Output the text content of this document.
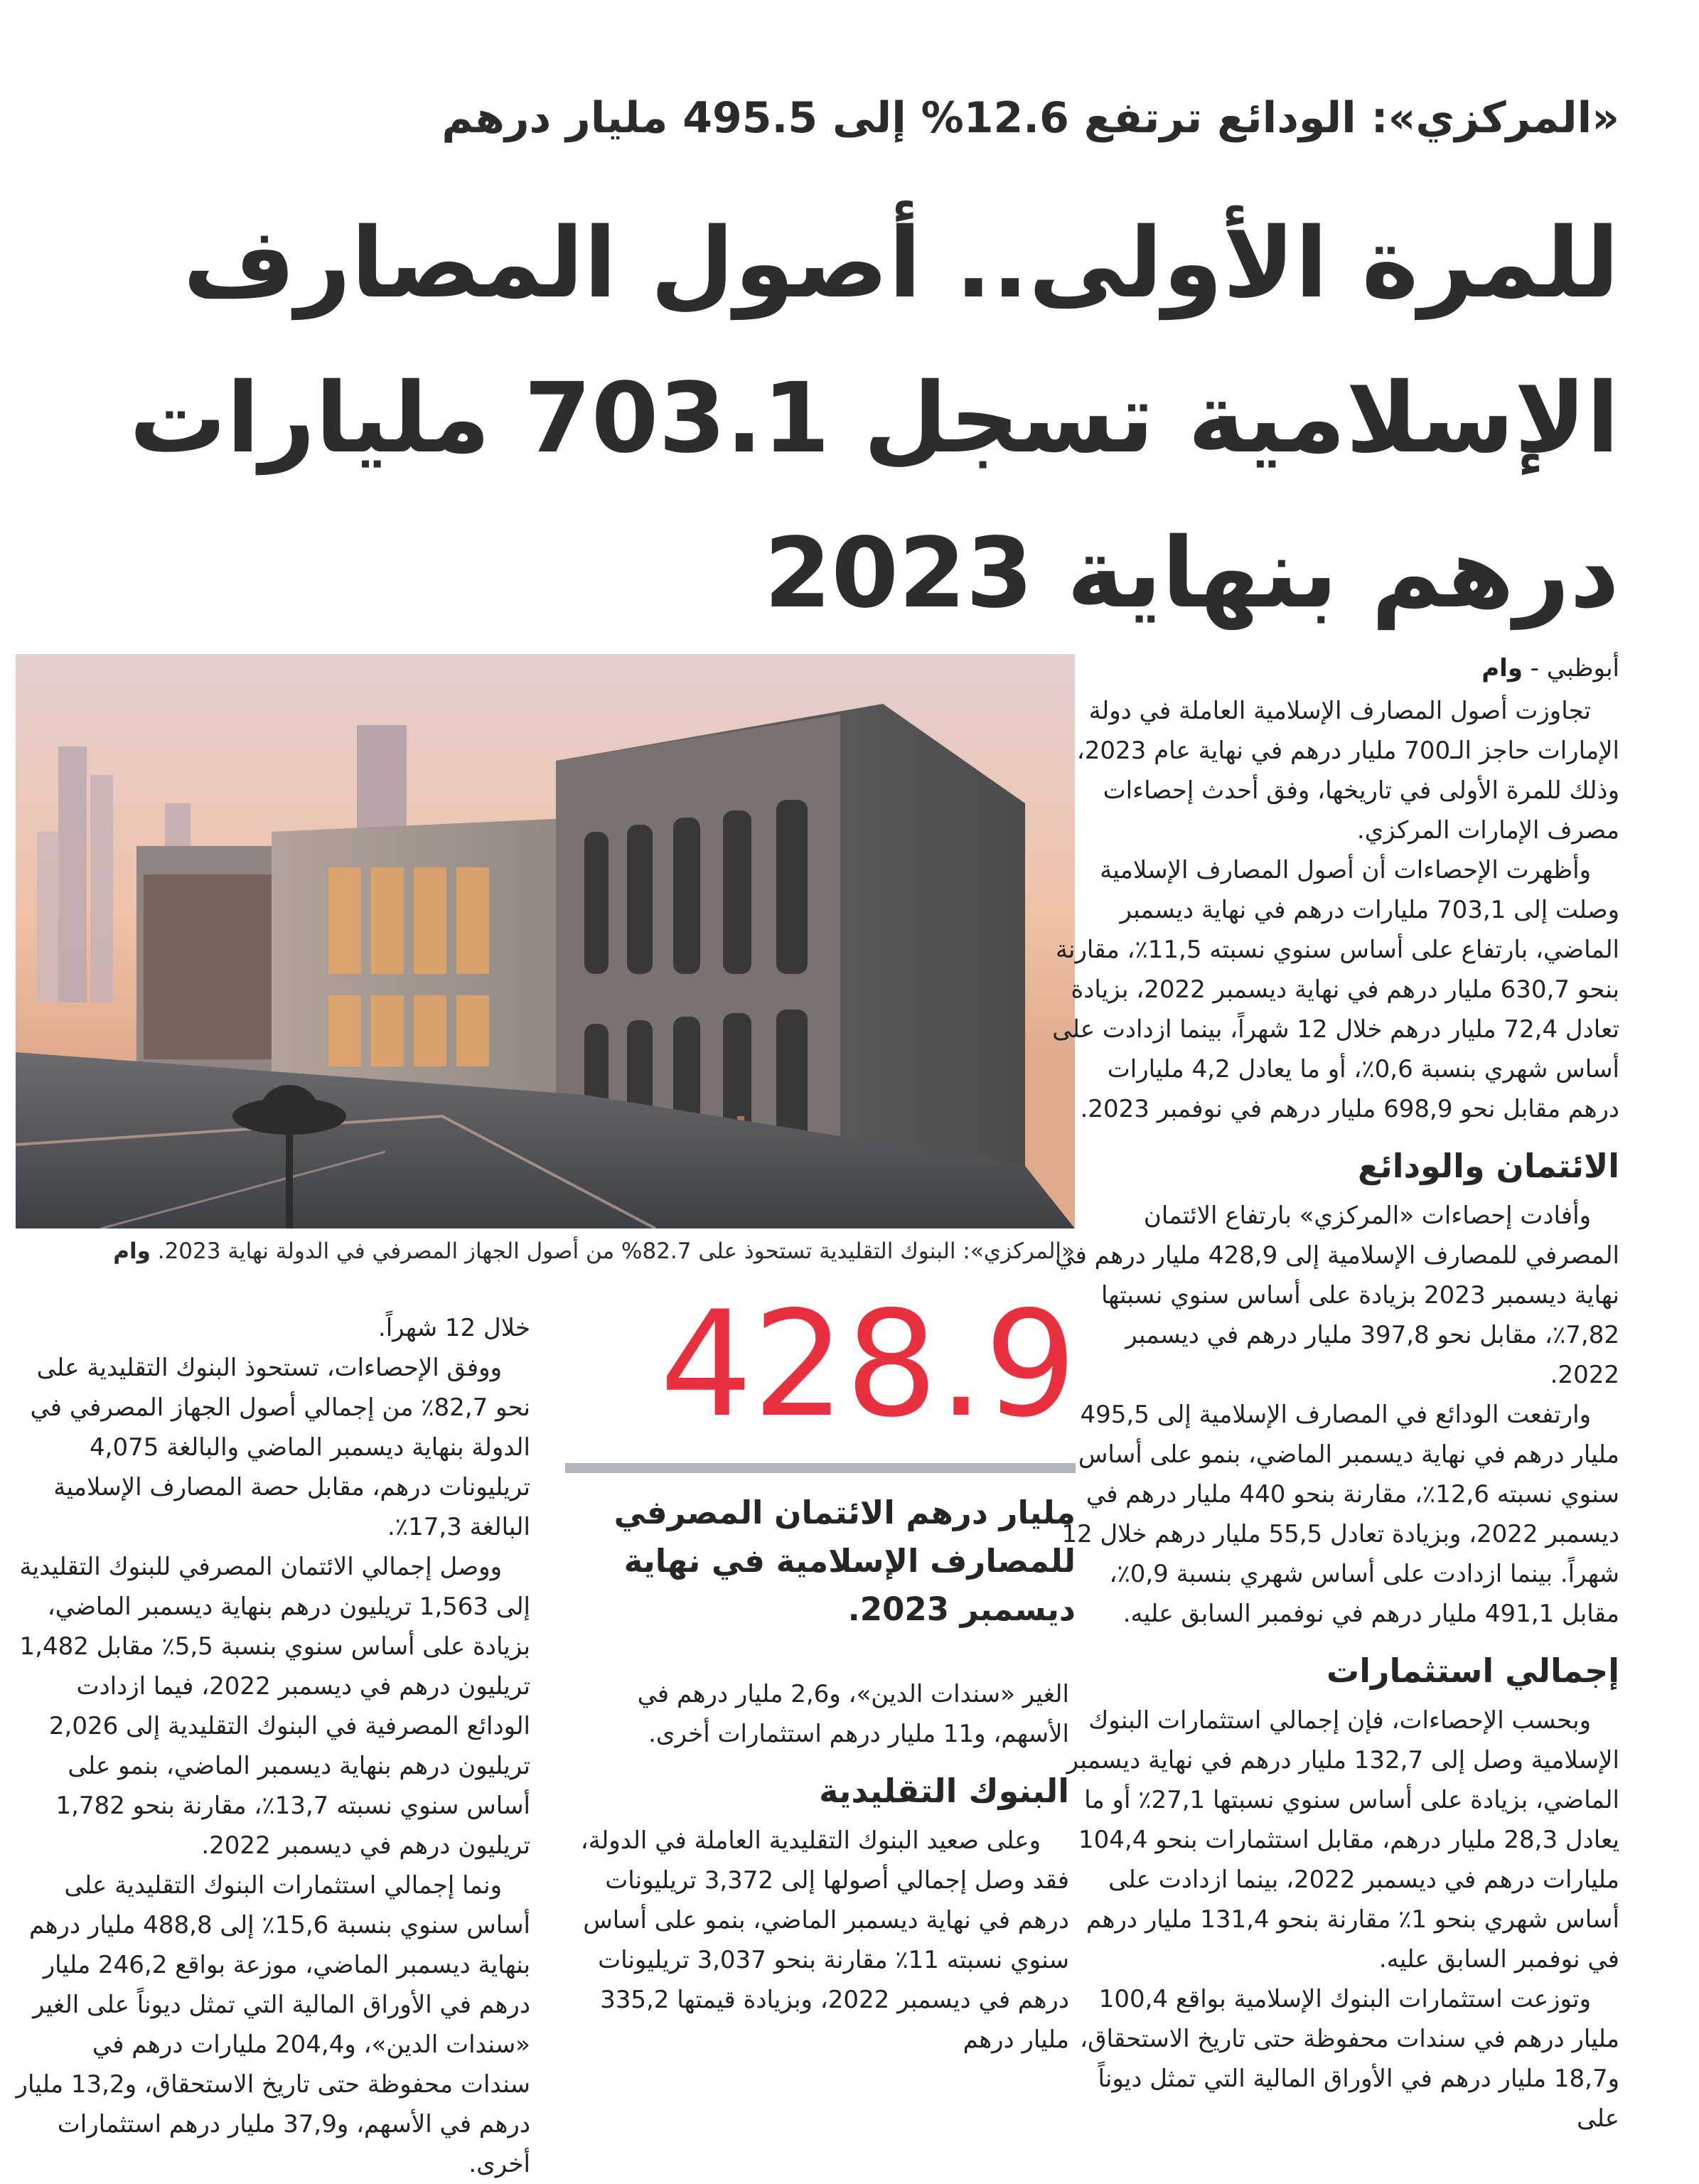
«المركزي»: الودائع ترتفع 12.6% إلى 495.5 مليار درهم
للمرة الأولى.. أصول المصارف الإسلامية تسجل 703.1 مليارات درهم بنهاية 2023
«المركزي»: البنوك التقليدية تستحوذ على 82.7% من أصول الجهاز المصرفي في الدولة نهاية 2023. وام
أبوظبي - وام

تجاوزت أصول المصارف الإسلامية العاملة في دولة الإمارات حاجز الـ700 مليار درهم في نهاية عام 2023، وذلك للمرة الأولى في تاريخها، وفق أحدث إحصاءات مصرف الإمارات المركزي.

وأظهرت الإحصاءات أن أصول المصارف الإسلامية وصلت إلى 703,1 مليارات درهم في نهاية ديسمبر الماضي، بارتفاع على أساس سنوي نسبته 11,5٪، مقارنة بنحو 630,7 مليار درهم في نهاية ديسمبر 2022، بزيادة تعادل 72,4 مليار درهم خلال 12 شهراً، بينما ازدادت على أساس شهري بنسبة 0,6٪، أو ما يعادل 4,2 مليارات درهم مقابل نحو 698,9 مليار درهم في نوفمبر 2023.

الائتمان والودائع

وأفادت إحصاءات «المركزي» بارتفاع الائتمان المصرفي للمصارف الإسلامية إلى 428,9 مليار درهم في نهاية ديسمبر 2023 بزيادة على أساس سنوي نسبتها 7,82٪، مقابل نحو 397,8 مليار درهم في ديسمبر 2022.

وارتفعت الودائع في المصارف الإسلامية إلى 495,5 مليار درهم في نهاية ديسمبر الماضي، بنمو على أساس سنوي نسبته 12,6٪، مقارنة بنحو 440 مليار درهم في ديسمبر 2022، وبزيادة تعادل 55,5 مليار درهم خلال 12 شهراً. بينما ازدادت على أساس شهري بنسبة 0,9٪، مقابل 491,1 مليار درهم في نوفمبر السابق عليه.

إجمالي استثمارات

وبحسب الإحصاءات، فإن إجمالي استثمارات البنوك الإسلامية وصل إلى 132,7 مليار درهم في نهاية ديسمبر الماضي، بزيادة على أساس سنوي نسبتها 27,1٪ أو ما يعادل 28,3 مليار درهم، مقابل استثمارات بنحو 104,4 مليارات درهم في ديسمبر 2022، بينما ازدادت على أساس شهري بنحو 1٪ مقارنة بنحو 131,4 مليار درهم في نوفمبر السابق عليه.

وتوزعت استثمارات البنوك الإسلامية بواقع 100,4 مليار درهم في سندات محفوظة حتى تاريخ الاستحقاق، و18,7 مليار درهم في الأوراق المالية التي تمثل ديوناً على

428.9
مليار درهم الائتمان المصرفي للمصارف الإسلامية في نهاية ديسمبر 2023.

الغير «سندات الدين»، و2,6 مليار درهم في الأسهم، و11 مليار درهم استثمارات أخرى.

البنوك التقليدية

وعلى صعيد البنوك التقليدية العاملة في الدولة، فقد وصل إجمالي أصولها إلى 3,372 تريليونات درهم في نهاية ديسمبر الماضي، بنمو على أساس سنوي نسبته 11٪ مقارنة بنحو 3,037 تريليونات درهم في ديسمبر 2022، وبزيادة قيمتها 335,2 مليار درهم

خلال 12 شهراً.

ووفق الإحصاءات، تستحوذ البنوك التقليدية على نحو 82,7٪ من إجمالي أصول الجهاز المصرفي في الدولة بنهاية ديسمبر الماضي والبالغة 4,075 تريليونات درهم، مقابل حصة المصارف الإسلامية البالغة 17,3٪.

ووصل إجمالي الائتمان المصرفي للبنوك التقليدية إلى 1,563 تريليون درهم بنهاية ديسمبر الماضي، بزيادة على أساس سنوي بنسبة 5,5٪ مقابل 1,482 تريليون درهم في ديسمبر 2022، فيما ازدادت الودائع المصرفية في البنوك التقليدية إلى 2,026 تريليون درهم بنهاية ديسمبر الماضي، بنمو على أساس سنوي نسبته 13,7٪، مقارنة بنحو 1,782 تريليون درهم في ديسمبر 2022.

ونما إجمالي استثمارات البنوك التقليدية على أساس سنوي بنسبة 15,6٪ إلى 488,8 مليار درهم بنهاية ديسمبر الماضي، موزعة بواقع 246,2 مليار درهم في الأوراق المالية التي تمثل ديوناً على الغير «سندات الدين»، و204,4 مليارات درهم في سندات محفوظة حتى تاريخ الاستحقاق، و13,2 مليار درهم في الأسهم، و37,9 مليار درهم استثمارات أخرى.
